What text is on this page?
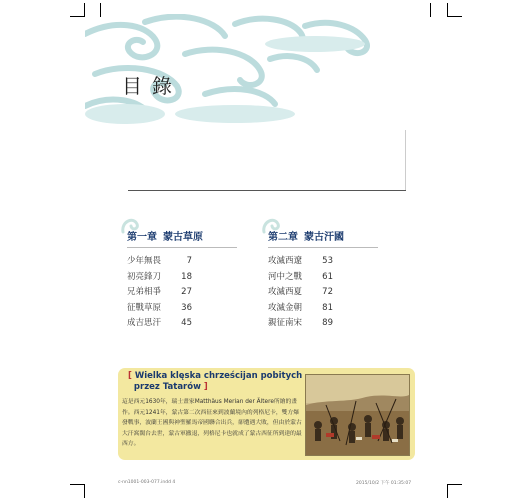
目錄
第一章 蒙古草原
少年無畏	7
初亮鋒刀	18
兄弟相爭	27
征戰草原	36
成吉思汗	45
第二章 蒙古汗國
攻滅西遼	53
河中之戰	61
攻滅西夏	72
攻滅金朝	81
親征南宋	89
[ Wielka klęska chrześcijan pobitych
przez Tatarów ]
這是西元1630年，瑞士畫家Matthäus Merian der Ältere所繪的畫作。西元1241年，蒙古第二次西征來到波蘭境內的列格尼卡，雙方爆發戰事，波蘭王國與神聖羅馬帝國聯合出兵，卻遭遇大敗，但由於蒙古大汗窩闊台去世，蒙古軍撤退，列格尼卡也就成了蒙古西征所到達的最西方。
c-nn1001-003-077.indd 4	2015/10/2 下午 01:35:07
